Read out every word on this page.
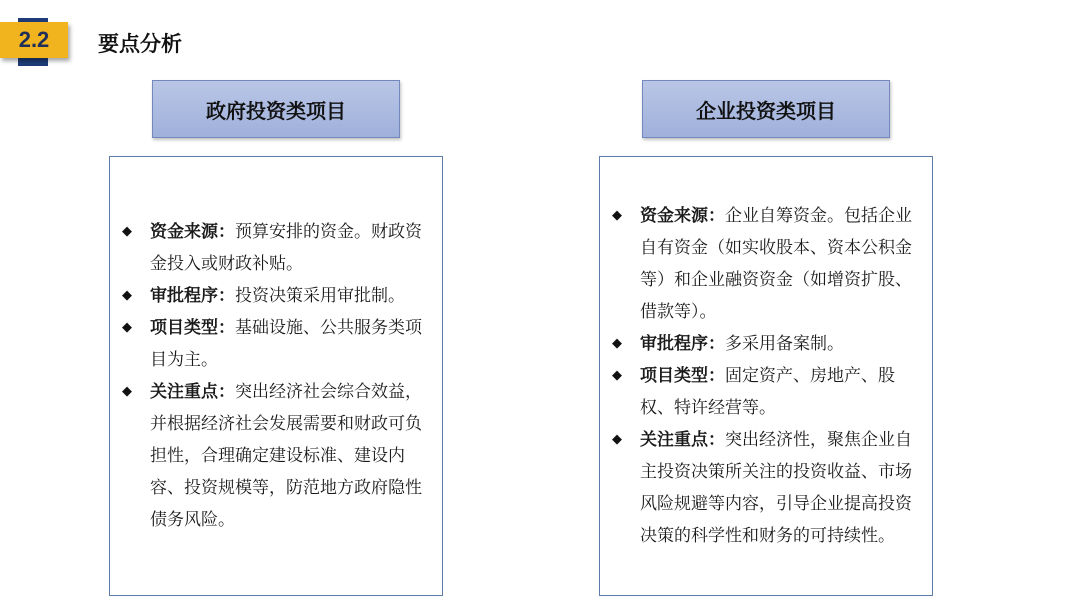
2.2	要点分析
政府投资类项目
◆	资金来源：预算安排的资金。财政资金投入或财政补贴。
◆	审批程序：投资决策采用审批制。
◆	项目类型：基础设施、公共服务类项目为主。
◆	关注重点：突出经济社会综合效益，并根据经济社会发展需要和财政可负担性，合理确定建设标准、建设内容、投资规模等，防范地方政府隐性债务风险。
企业投资类项目
◆	资金来源：企业自筹资金。包括企业自有资金（如实收股本、资本公积金等）和企业融资资金（如增资扩股、借款等）。
◆	审批程序：多采用备案制。
◆	项目类型：固定资产、房地产、股权、特许经营等。
◆	关注重点：突出经济性，聚焦企业自主投资决策所关注的投资收益、市场风险规避等内容，引导企业提高投资决策的科学性和财务的可持续性。
